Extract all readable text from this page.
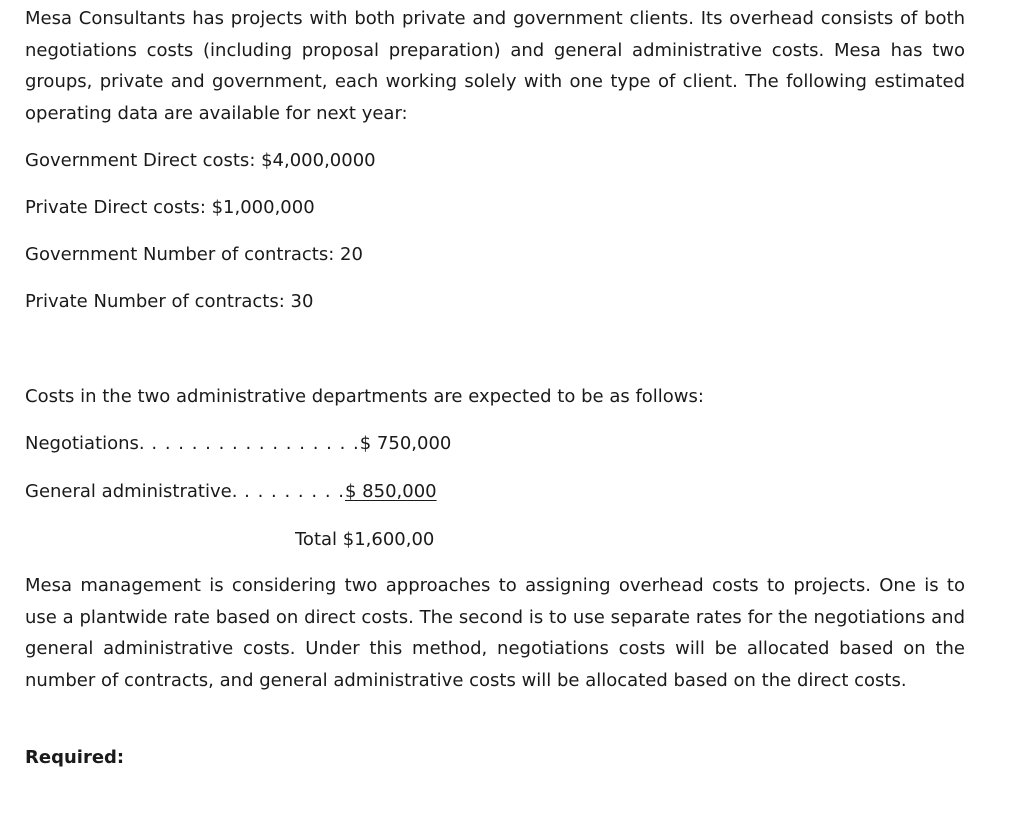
Mesa Consultants has projects with both private and government clients. Its overhead consists of both negotiations costs (including proposal preparation) and general administrative costs. Mesa has two groups, private and government, each working solely with one type of client. The following estimated operating data are available for next year:

Government Direct costs: $4,000,0000

Private Direct costs: $1,000,000

Government Number of contracts: 20

Private Number of contracts: 30

Costs in the two administrative departments are expected to be as follows:

Negotiations. . . . . . . . . . . . . . . . .$ 750,000

General administrative. . . . . . . . .$ 850,000

Total $1,600,00

Mesa management is considering two approaches to assigning overhead costs to projects. One is to use a plantwide rate based on direct costs. The second is to use separate rates for the negotiations and general administrative costs. Under this method, negotiations costs will be allocated based on the number of contracts, and general administrative costs will be allocated based on the direct costs.

Required:
